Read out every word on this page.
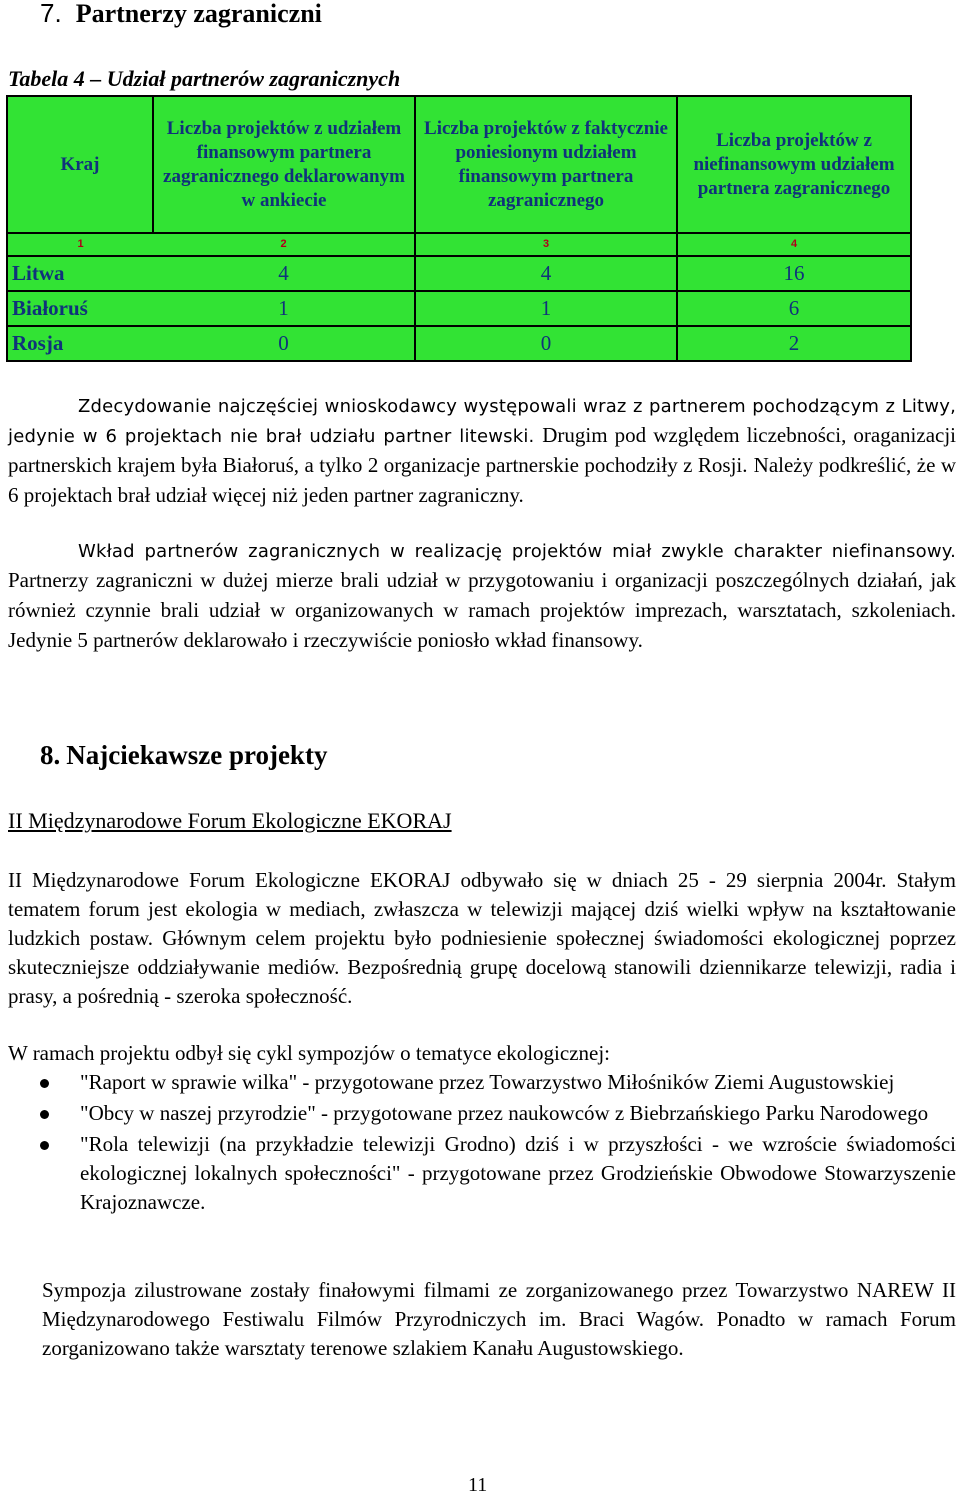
7. Partnerzy zagraniczni

Tabela 4 – Udział partnerów zagranicznych

Kraj	Liczba projektów z udziałem finansowym partnera zagranicznego deklarowanym w ankiecie	Liczba projektów z faktycznie poniesionym udziałem finansowym partnera zagranicznego	Liczba projektów z niefinansowym udziałem partnera zagranicznego
1	2	3	4
Litwa	4	4	16
Białoruś	1	1	6
Rosja	0	0	2

Zdecydowanie najczęściej wnioskodawcy występowali wraz z partnerem pochodzącym z Litwy, jedynie w 6 projektach nie brał udziału partner litewski. Drugim pod względem liczebności, oraganizacji partnerskich krajem była Białoruś, a tylko 2 organizacje partnerskie pochodziły z Rosji. Należy podkreślić, że w 6 projektach brał udział więcej niż jeden partner zagraniczny.

Wkład partnerów zagranicznych w realizację projektów miał zwykle charakter niefinansowy. Partnerzy zagraniczni w dużej mierze brali udział w przygotowaniu i organizacji poszczególnych działań, jak również czynnie brali udział w organizowanych w ramach projektów imprezach, warsztatach, szkoleniach. Jedynie 5 partnerów deklarowało i rzeczywiście poniosło wkład finansowy.

8. Najciekawsze projekty

II Międzynarodowe Forum Ekologiczne EKORAJ

II Międzynarodowe Forum Ekologiczne EKORAJ odbywało się w dniach 25 - 29 sierpnia 2004r. Stałym tematem forum jest ekologia w mediach, zwłaszcza w telewizji mającej dziś wielki wpływ na kształtowanie ludzkich postaw. Głównym celem projektu było podniesienie społecznej świadomości ekologicznej poprzez skuteczniejsze oddziaływanie mediów. Bezpośrednią grupę docelową stanowili dziennikarze telewizji, radia i prasy, a pośrednią - szeroka społeczność.

W ramach projektu odbył się cykl sympozjów o tematyce ekologicznej:

"Raport w sprawie wilka" - przygotowane przez Towarzystwo Miłośników Ziemi Augustowskiej
"Obcy w naszej przyrodzie" - przygotowane przez naukowców z Biebrzańskiego Parku Narodowego
"Rola telewizji (na przykładzie telewizji Grodno) dziś i w przyszłości - we wzroście świadomości ekologicznej lokalnych społeczności" - przygotowane przez Grodzieńskie Obwodowe Stowarzyszenie Krajoznawcze.

Sympozja zilustrowane zostały finałowymi filmami ze zorganizowanego przez Towarzystwo NAREW II Międzynarodowego Festiwalu Filmów Przyrodniczych im. Braci Wagów. Ponadto w ramach Forum zorganizowano także warsztaty terenowe szlakiem Kanału Augustowskiego.

11
